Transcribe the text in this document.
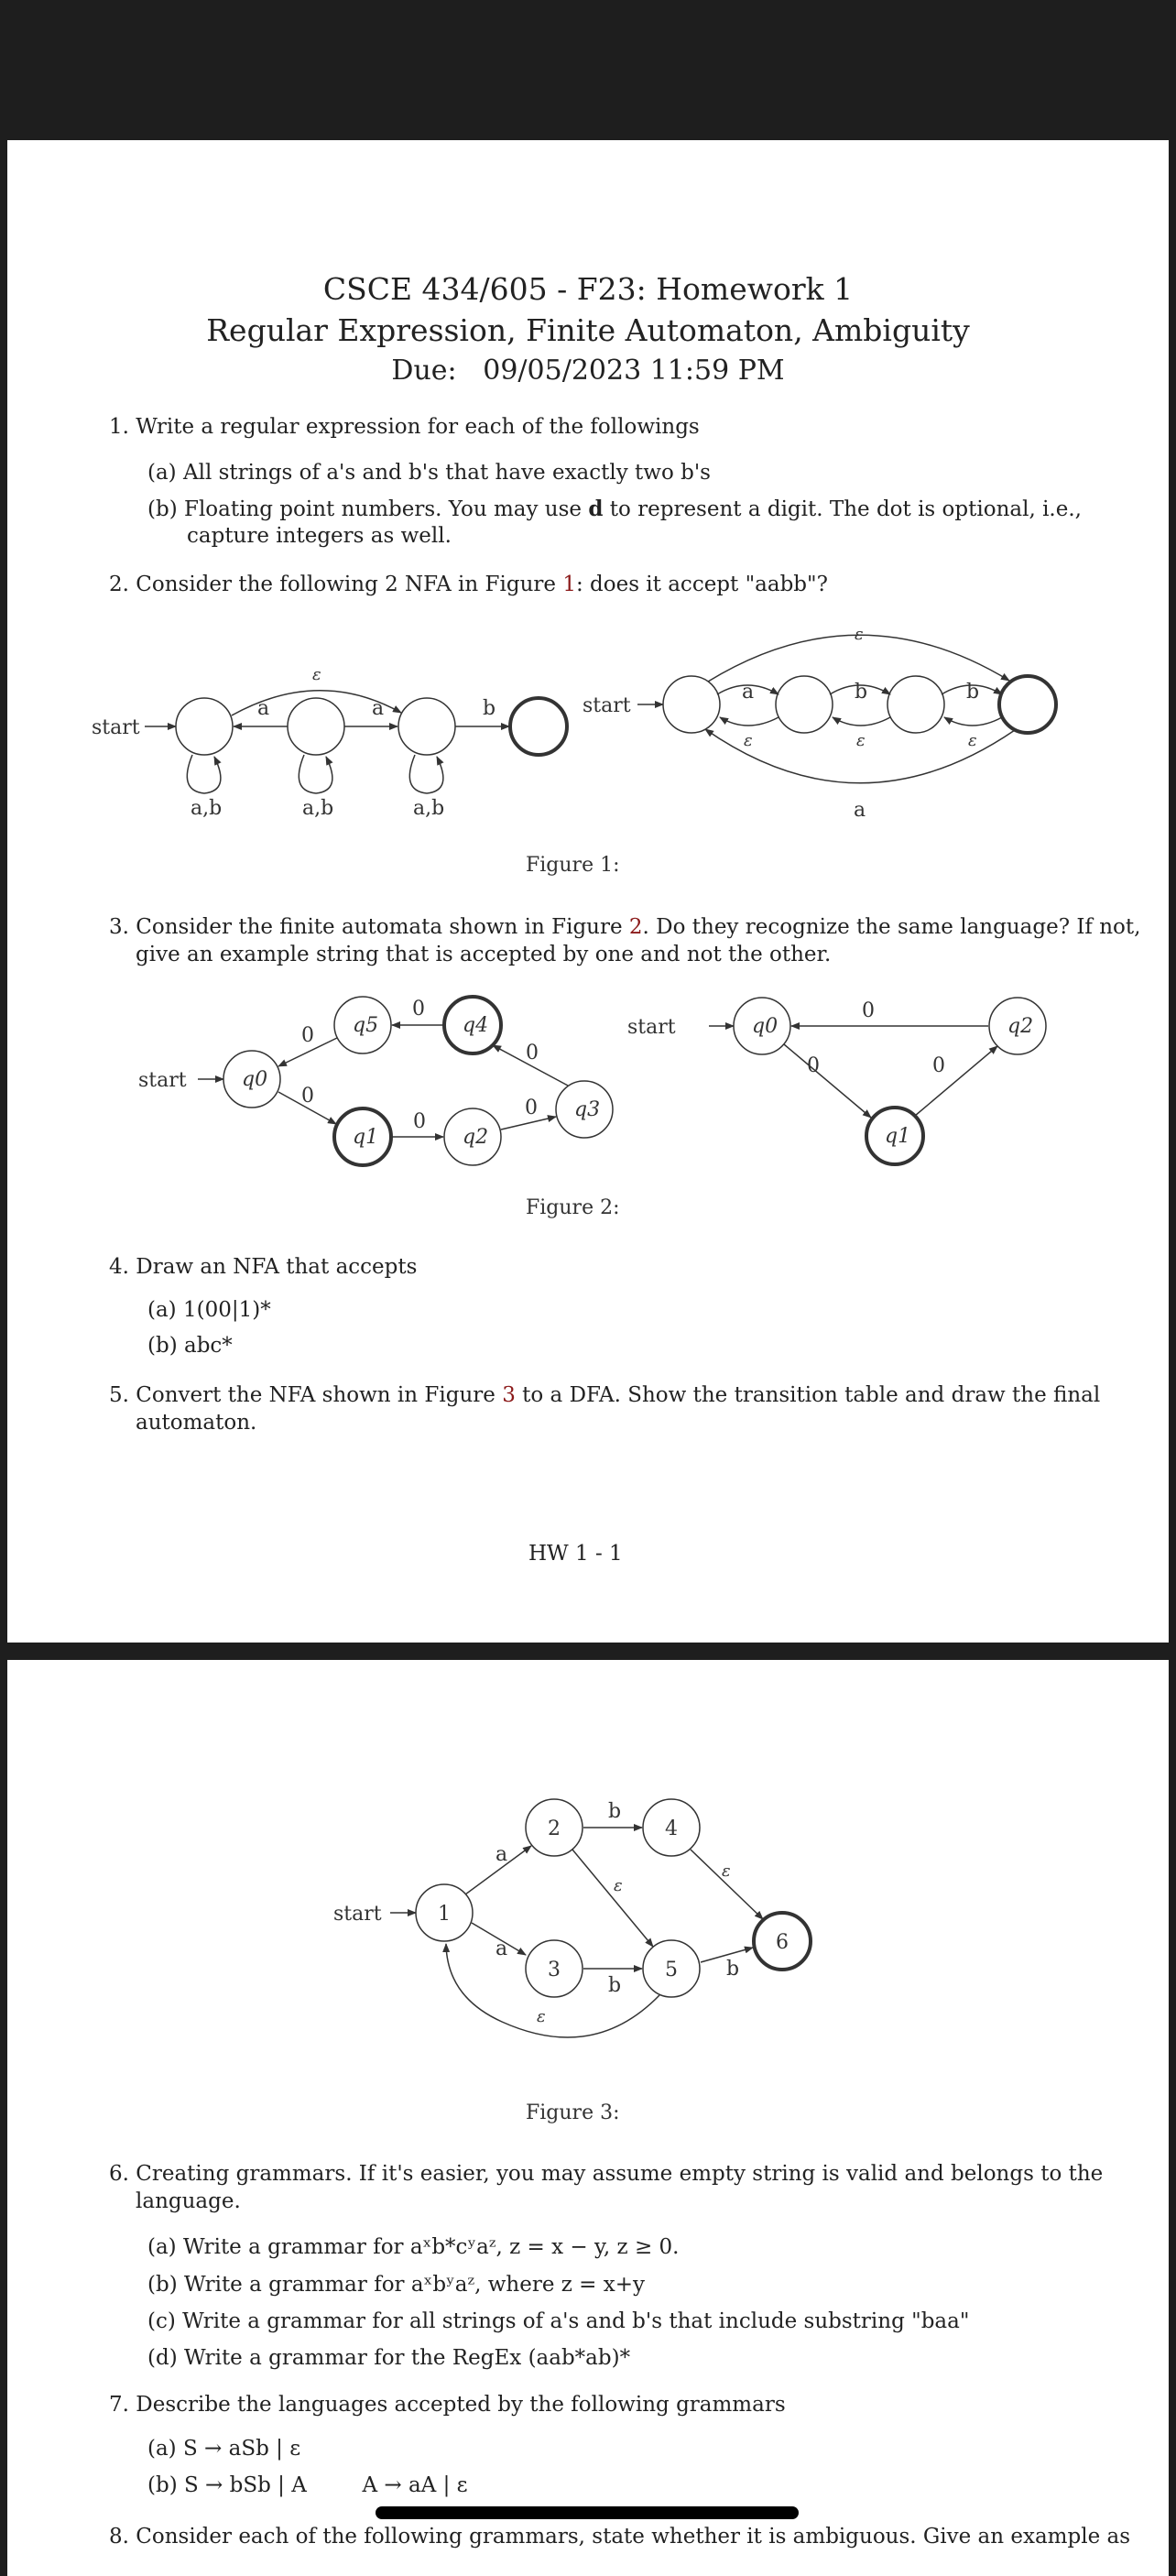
CSCE 434/605 - F23: Homework 1
Regular Expression, Finite Automaton, Ambiguity
Due: 09/05/2023 11:59 PM
1. Write a regular expression for each of the followings
(a) All strings of a's and b's that have exactly two b's
(b) Floating point numbers. You may use d to represent a digit. The dot is optional, i.e.,
capture integers as well.
2. Consider the following 2 NFA in Figure 1: does it accept "aabb"?
start
a	a	b
ε
a,b	a,b	a,b
start
a	b	b
ε	ε	ε
ε
a
Figure 1:
3. Consider the finite automata shown in Figure 2. Do they recognize the same language? If not,
give an example string that is accepted by one and not the other.
start	q0
q5	q4
q1	q2
q3
0
0
0
0
0
0
start	q0	q2
q1
0
0	0
Figure 2:
4. Draw an NFA that accepts
(a) 1(00|1)*
(b) abc*
5. Convert the NFA shown in Figure 3 to a DFA. Show the transition table and draw the final
automaton.
HW 1 - 1
start	1
2
3
4
5
6
a
a
b
b
b
ε
ε
ε
Figure 3:
6. Creating grammars. If it's easier, you may assume empty string is valid and belongs to the
language.
(a) Write a grammar for aˣb*cʸaᶻ, z = x − y, z ≥ 0.
(b) Write a grammar for aˣbʸaᶻ, where z = x+y
(c) Write a grammar for all strings of a's and b's that include substring "baa"
(d) Write a grammar for the RegEx (aab*ab)*
7. Describe the languages accepted by the following grammars
(a) S → aSb | ε
(b) S → bSb | A	A → aA | ε
8. Consider each of the following grammars, state whether it is ambiguous. Give an example as
